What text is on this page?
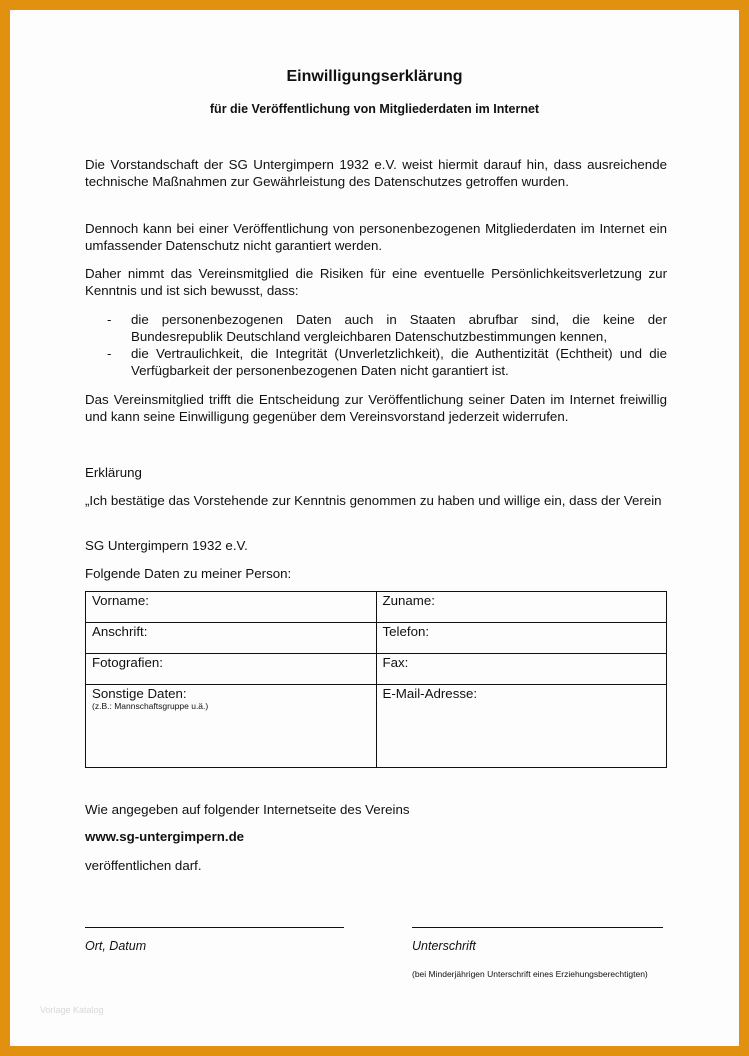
Einwilligungserklärung
für die Veröffentlichung von Mitgliederdaten im Internet
Die Vorstandschaft der SG Untergimpern 1932 e.V. weist hiermit darauf hin, dass ausreichende technische Maßnahmen zur Gewährleistung des Datenschutzes getroffen wurden.
Dennoch kann bei einer Veröffentlichung von personenbezogenen Mitgliederdaten im Internet ein umfassender Datenschutz nicht garantiert werden.
Daher nimmt das Vereinsmitglied die Risiken für eine eventuelle Persönlichkeitsverletzung zur Kenntnis und ist sich bewusst, dass:
- die personenbezogenen Daten auch in Staaten abrufbar sind, die keine der Bundesrepublik Deutschland vergleichbaren Datenschutzbestimmungen kennen,
- die Vertraulichkeit, die Integrität (Unverletzlichkeit), die Authentizität (Echtheit) und die Verfügbarkeit der personenbezogenen Daten nicht garantiert ist.
Das Vereinsmitglied trifft die Entscheidung zur Veröffentlichung seiner Daten im Internet freiwillig und kann seine Einwilligung gegenüber dem Vereinsvorstand jederzeit widerrufen.
Erklärung
„Ich bestätige das Vorstehende zur Kenntnis genommen zu haben und willige ein, dass der Verein
SG Untergimpern 1932 e.V.
Folgende Daten zu meiner Person:
Vorname:	Zuname:
Anschrift:	Telefon:
Fotografien:	Fax:
Sonstige Daten:
(z.B.: Mannschaftsgruppe u.ä.)	E-Mail-Adresse:
Wie angegeben auf folgender Internetseite des Vereins
www.sg-untergimpern.de
veröffentlichen darf.
Ort, Datum	Unterschrift
(bei Minderjährigen Unterschrift eines Erziehungsberechtigten)
Vorlage Katalog
